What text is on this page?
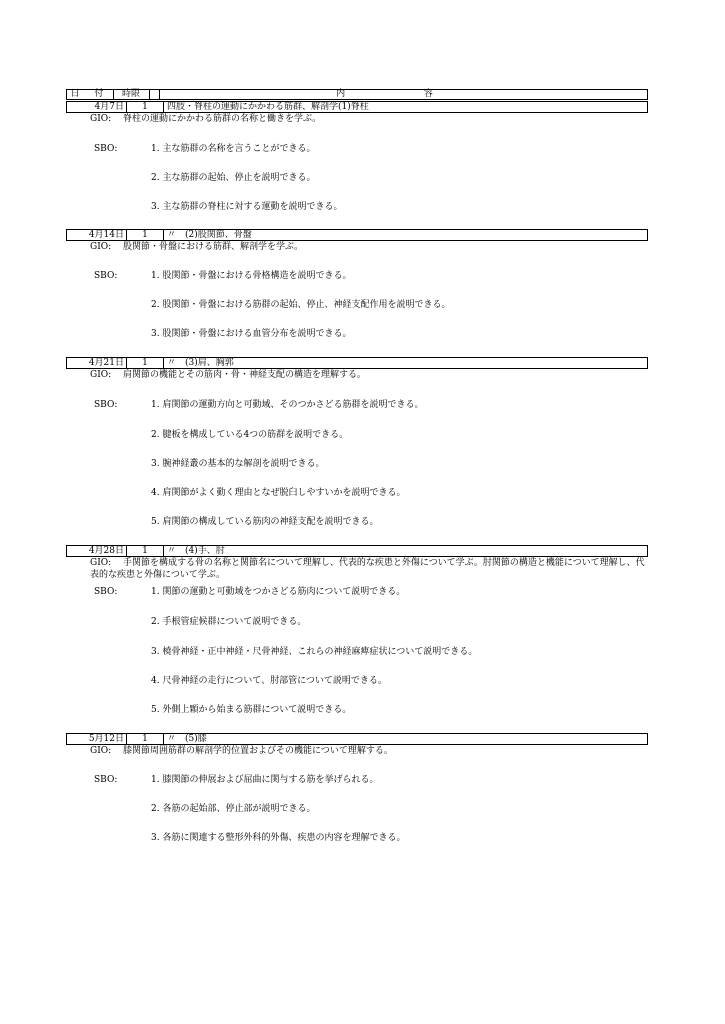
日 付	時限	内 容
4月7日	1	四肢・脊柱の運動にかかわる筋群、解剖学(1)脊柱
GIO: 脊柱の運動にかかわる筋群の名称と働きを学ぶ。
SBO:	1. 主な筋群の名称を言うことができる。
2. 主な筋群の起始、停止を説明できる。
3. 主な筋群の脊柱に対する運動を説明できる。
4月14日	1	〃　(2)股関節、骨盤
GIO: 股関節・骨盤における筋群、解剖学を学ぶ。
SBO:	1. 股関節・骨盤における骨格構造を説明できる。
2. 股関節・骨盤における筋群の起始、停止、神経支配作用を説明できる。
3. 股関節・骨盤における血管分布を説明できる。
4月21日	1	〃　(3)肩、胸郭
GIO: 肩関節の機能とその筋肉・骨・神経支配の構造を理解する。
SBO:	1. 肩関節の運動方向と可動域、そのつかさどる筋群を説明できる。
2. 腱板を構成している4つの筋群を説明できる。
3. 腕神経叢の基本的な解剖を説明できる。
4. 肩関節がよく動く理由となぜ脱臼しやすいかを説明できる。
5. 肩関節の構成している筋肉の神経支配を説明できる。
4月28日	1	〃　(4)手、肘
GIO: 手関節を構成する骨の名称と関節名について理解し、代表的な疾患と外傷について学ぶ。肘関節の構造と機能について理解し、代表的な疾患と外傷について学ぶ。
SBO:	1. 関節の運動と可動域をつかさどる筋肉について説明できる。
2. 手根管症候群について説明できる。
3. 橈骨神経・正中神経・尺骨神経、これらの神経麻痺症状について説明できる。
4. 尺骨神経の走行について、肘部管について説明できる。
5. 外側上顆から始まる筋群について説明できる。
5月12日	1	〃　(5)膝
GIO: 膝関節周囲筋群の解剖学的位置およびその機能について理解する。
SBO:	1. 膝関節の伸展および屈曲に関与する筋を挙げられる。
2. 各筋の起始部、停止部が説明できる。
3. 各筋に関連する整形外科的外傷、疾患の内容を理解できる。
